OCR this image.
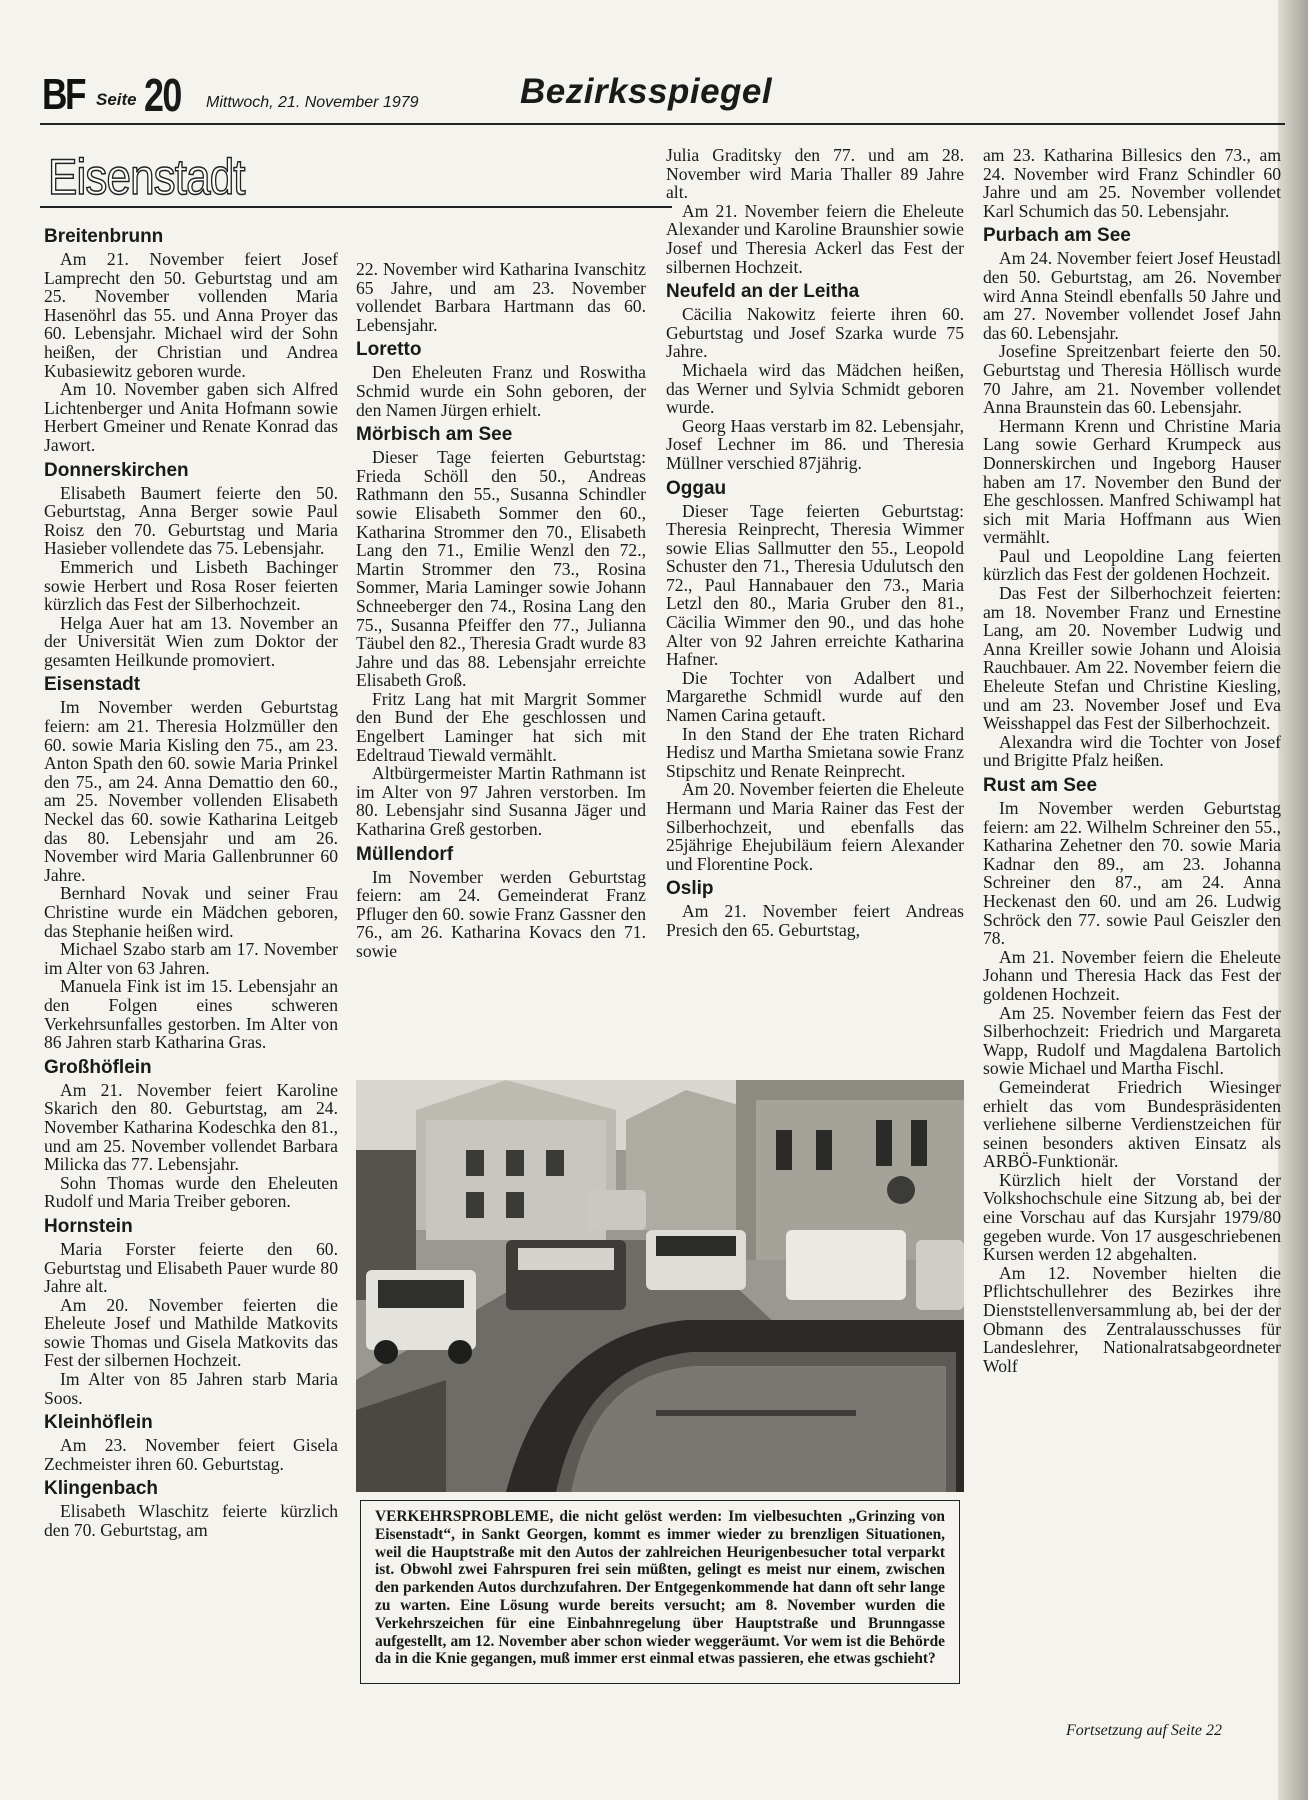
BF Seite 20 Mittwoch, 21. November 1979	Bezirksspiegel
Eisenstadt
Breitenbrunn

Am 21. November feiert Josef Lamprecht den 50. Geburtstag und am 25. November vollenden Maria Hasenöhrl das 55. und Anna Proyer das 60. Lebensjahr. Michael wird der Sohn heißen, der Christian und Andrea Kubasiewitz geboren wurde.

Am 10. November gaben sich Alfred Lichtenberger und Anita Hofmann sowie Herbert Gmeiner und Renate Konrad das Jawort.

Donnerskirchen

Elisabeth Baumert feierte den 50. Geburtstag, Anna Berger sowie Paul Roisz den 70. Geburtstag und Maria Hasieber vollendete das 75. Lebensjahr.

Emmerich und Lisbeth Bachinger sowie Herbert und Rosa Roser feierten kürzlich das Fest der Silberhochzeit.

Helga Auer hat am 13. November an der Universität Wien zum Doktor der gesamten Heilkunde promoviert.

Eisenstadt

Im November werden Geburtstag feiern: am 21. Theresia Holzmüller den 60. sowie Maria Kisling den 75., am 23. Anton Spath den 60. sowie Maria Prinkel den 75., am 24. Anna Demattio den 60., am 25. November vollenden Elisabeth Neckel das 60. sowie Katharina Leitgeb das 80. Lebensjahr und am 26. November wird Maria Gallenbrunner 60 Jahre.

Bernhard Novak und seiner Frau Christine wurde ein Mädchen geboren, das Stephanie heißen wird.

Michael Szabo starb am 17. November im Alter von 63 Jahren.

Manuela Fink ist im 15. Lebensjahr an den Folgen eines schweren Verkehrsunfalles gestorben. Im Alter von 86 Jahren starb Katharina Gras.

Großhöflein

Am 21. November feiert Karoline Skarich den 80. Geburtstag, am 24. November Katharina Kodeschka den 81., und am 25. November vollendet Barbara Milicka das 77. Lebensjahr.

Sohn Thomas wurde den Eheleuten Rudolf und Maria Treiber geboren.

Hornstein

Maria Forster feierte den 60. Geburtstag und Elisabeth Pauer wurde 80 Jahre alt.

Am 20. November feierten die Eheleute Josef und Mathilde Matkovits sowie Thomas und Gisela Matkovits das Fest der silbernen Hochzeit.

Im Alter von 85 Jahren starb Maria Soos.

Kleinhöflein

Am 23. November feiert Gisela Zechmeister ihren 60. Geburtstag.

Klingenbach

Elisabeth Wlaschitz feierte kürzlich den 70. Geburtstag, am

22. November wird Katharina Ivanschitz 65 Jahre, und am 23. November vollendet Barbara Hartmann das 60. Lebensjahr.

Loretto

Den Eheleuten Franz und Roswitha Schmid wurde ein Sohn geboren, der den Namen Jürgen erhielt.

Mörbisch am See

Dieser Tage feierten Geburtstag: Frieda Schöll den 50., Andreas Rathmann den 55., Susanna Schindler sowie Elisabeth Sommer den 60., Katharina Strommer den 70., Elisabeth Lang den 71., Emilie Wenzl den 72., Martin Strommer den 73., Rosina Sommer, Maria Laminger sowie Johann Schneeberger den 74., Rosina Lang den 75., Susanna Pfeiffer den 77., Julianna Täubel den 82., Theresia Gradt wurde 83 Jahre und das 88. Lebensjahr erreichte Elisabeth Groß.

Fritz Lang hat mit Margrit Sommer den Bund der Ehe geschlossen und Engelbert Laminger hat sich mit Edeltraud Tiewald vermählt.

Altbürgermeister Martin Rathmann ist im Alter von 97 Jahren verstorben. Im 80. Lebensjahr sind Susanna Jäger und Katharina Greß gestorben.

Müllendorf

Im November werden Geburtstag feiern: am 24. Gemeinderat Franz Pfluger den 60. sowie Franz Gassner den 76., am 26. Katharina Kovacs den 71. sowie

Julia Graditsky den 77. und am 28. November wird Maria Thaller 89 Jahre alt.

Am 21. November feiern die Eheleute Alexander und Karoline Braunshier sowie Josef und Theresia Ackerl das Fest der silbernen Hochzeit.

Neufeld an der Leitha

Cäcilia Nakowitz feierte ihren 60. Geburtstag und Josef Szarka wurde 75 Jahre.

Michaela wird das Mädchen heißen, das Werner und Sylvia Schmidt geboren wurde.

Georg Haas verstarb im 82. Lebensjahr, Josef Lechner im 86. und Theresia Müllner verschied 87jährig.

Oggau

Dieser Tage feierten Geburtstag: Theresia Reinprecht, Theresia Wimmer sowie Elias Sallmutter den 55., Leopold Schuster den 71., Theresia Udulutsch den 72., Paul Hannabauer den 73., Maria Letzl den 80., Maria Gruber den 81., Cäcilia Wimmer den 90., und das hohe Alter von 92 Jahren erreichte Katharina Hafner.

Die Tochter von Adalbert und Margarethe Schmidl wurde auf den Namen Carina getauft.

In den Stand der Ehe traten Richard Hedisz und Martha Smietana sowie Franz Stipschitz und Renate Reinprecht.

Am 20. November feierten die Eheleute Hermann und Maria Rainer das Fest der Silberhochzeit, und ebenfalls das 25jährige Ehejubiläum feiern Alexander und Florentine Pock.

Oslip

Am 21. November feiert Andreas Presich den 65. Geburtstag,

am 23. Katharina Billesics den 73., am 24. November wird Franz Schindler 60 Jahre und am 25. November vollendet Karl Schumich das 50. Lebensjahr.

Purbach am See

Am 24. November feiert Josef Heustadl den 50. Geburtstag, am 26. November wird Anna Steindl ebenfalls 50 Jahre und am 27. November vollendet Josef Jahn das 60. Lebensjahr.

Josefine Spreitzenbart feierte den 50. Geburtstag und Theresia Höllisch wurde 70 Jahre, am 21. November vollendet Anna Braunstein das 60. Lebensjahr.

Hermann Krenn und Christine Maria Lang sowie Gerhard Krumpeck aus Donnerskirchen und Ingeborg Hauser haben am 17. November den Bund der Ehe geschlossen. Manfred Schiwampl hat sich mit Maria Hoffmann aus Wien vermählt.

Paul und Leopoldine Lang feierten kürzlich das Fest der goldenen Hochzeit.

Das Fest der Silberhochzeit feierten: am 18. November Franz und Ernestine Lang, am 20. November Ludwig und Anna Kreiller sowie Johann und Aloisia Rauchbauer. Am 22. November feiern die Eheleute Stefan und Christine Kiesling, und am 23. November Josef und Eva Weisshappel das Fest der Silberhochzeit.

Alexandra wird die Tochter von Josef und Brigitte Pfalz heißen.

Rust am See

Im November werden Geburtstag feiern: am 22. Wilhelm Schreiner den 55., Katharina Zehetner den 70. sowie Maria Kadnar den 89., am 23. Johanna Schreiner den 87., am 24. Anna Heckenast den 60. und am 26. Ludwig Schröck den 77. sowie Paul Geiszler den 78.

Am 21. November feiern die Eheleute Johann und Theresia Hack das Fest der goldenen Hochzeit.

Am 25. November feiern das Fest der Silberhochzeit: Friedrich und Margareta Wapp, Rudolf und Magdalena Bartolich sowie Michael und Martha Fischl.

Gemeinderat Friedrich Wiesinger erhielt das vom Bundespräsidenten verliehene silberne Verdienstzeichen für seinen besonders aktiven Einsatz als ARBÖ-Funktionär.

Kürzlich hielt der Vorstand der Volkshochschule eine Sitzung ab, bei der eine Vorschau auf das Kursjahr 1979/80 gegeben wurde. Von 17 ausgeschriebenen Kursen werden 12 abgehalten.

Am 12. November hielten die Pflichtschullehrer des Bezirkes ihre Dienststellenversammlung ab, bei der der Obmann des Zentralausschusses für Landeslehrer, Nationalratsabgeordneter Wolf

VERKEHRSPROBLEME, die nicht gelöst werden: Im vielbesuchten „Grinzing von Eisenstadt“, in Sankt Georgen, kommt es immer wieder zu brenzligen Situationen, weil die Hauptstraße mit den Autos der zahlreichen Heurigenbesucher total verparkt ist. Obwohl zwei Fahrspuren frei sein müßten, gelingt es meist nur einem, zwischen den parkenden Autos durchzufahren. Der Entgegenkommende hat dann oft sehr lange zu warten. Eine Lösung wurde bereits versucht; am 8. November wurden die Verkehrszeichen für eine Einbahnregelung über Hauptstraße und Brunngasse aufgestellt, am 12. November aber schon wieder weggeräumt. Vor wem ist die Behörde da in die Knie gegangen, muß immer erst einmal etwas passieren, ehe etwas gschieht?
Fortsetzung auf Seite 22
